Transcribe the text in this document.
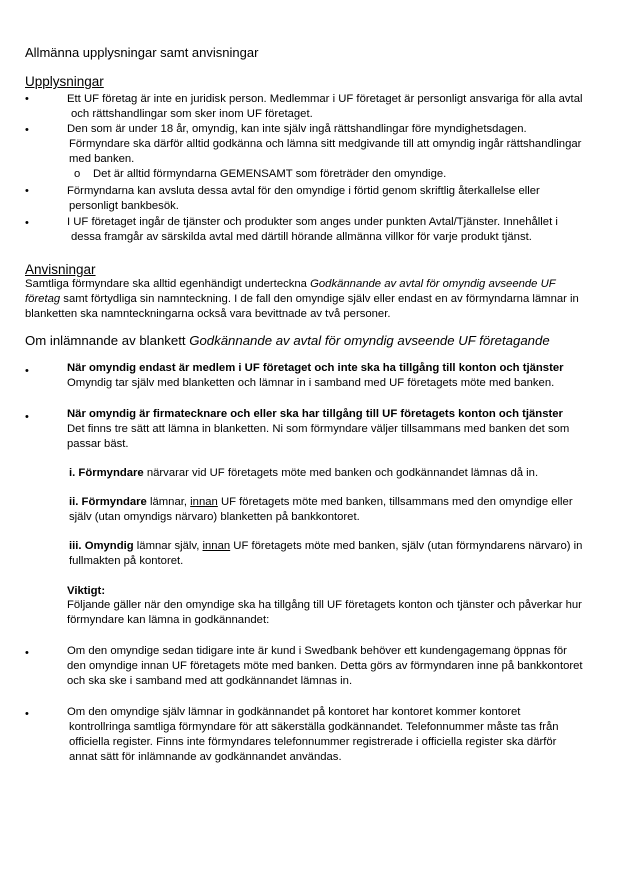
Allmänna upplysningar samt anvisningar
Upplysningar
•	Ett UF företag är inte en juridisk person. Medlemmar i UF företaget är personligt ansvariga för alla avtal
och rättshandlingar som sker inom UF företaget.
•	Den som är under 18 år, omyndig, kan inte själv ingå rättshandlingar före myndighetsdagen.
Förmyndare ska därför alltid godkänna och lämna sitt medgivande till att omyndig ingår rättshandlingar
med banken.
o Det är alltid förmyndarna GEMENSAMT som företräder den omyndige.
•	Förmyndarna kan avsluta dessa avtal för den omyndige i förtid genom skriftlig återkallelse eller
personligt bankbesök.
•	I UF företaget ingår de tjänster och produkter som anges under punkten Avtal/Tjänster. Innehållet i
dessa framgår av särskilda avtal med därtill hörande allmänna villkor för varje produkt tjänst.
Anvisningar
Samtliga förmyndare ska alltid egenhändigt underteckna Godkännande av avtal för omyndig avseende UF
företag samt förtydliga sin namnteckning. I de fall den omyndige själv eller endast en av förmyndarna lämnar in
blanketten ska namnteckningarna också vara bevittnade av två personer.
Om inlämnande av blankett Godkännande av avtal för omyndig avseende UF företagande
•	När omyndig endast är medlem i UF företaget och inte ska ha tillgång till konton och tjänster
Omyndig tar själv med blanketten och lämnar in i samband med UF företagets möte med banken.
•	När omyndig är firmatecknare och eller ska har tillgång till UF företagets konton och tjänster
Det finns tre sätt att lämna in blanketten. Ni som förmyndare väljer tillsammans med banken det som
passar bäst.
i. Förmyndare närvarar vid UF företagets möte med banken och godkännandet lämnas då in.
ii. Förmyndare lämnar, innan UF företagets möte med banken, tillsammans med den omyndige eller
själv (utan omyndigs närvaro) blanketten på bankkontoret.
iii. Omyndig lämnar själv, innan UF företagets möte med banken, själv (utan förmyndarens närvaro) in
fullmakten på kontoret.
Viktigt:
Följande gäller när den omyndige ska ha tillgång till UF företagets konton och tjänster och påverkar hur
förmyndare kan lämna in godkännandet:
•	Om den omyndige sedan tidigare inte är kund i Swedbank behöver ett kundengagemang öppnas för
den omyndige innan UF företagets möte med banken. Detta görs av förmyndaren inne på bankkontoret
och ska ske i samband med att godkännandet lämnas in.
•	Om den omyndige själv lämnar in godkännandet på kontoret har kontoret kommer kontoret
kontrollringa samtliga förmyndare för att säkerställa godkännandet. Telefonnummer måste tas från
officiella register. Finns inte förmyndares telefonnummer registrerade i officiella register ska därför
annat sätt för inlämnande av godkännandet användas.
